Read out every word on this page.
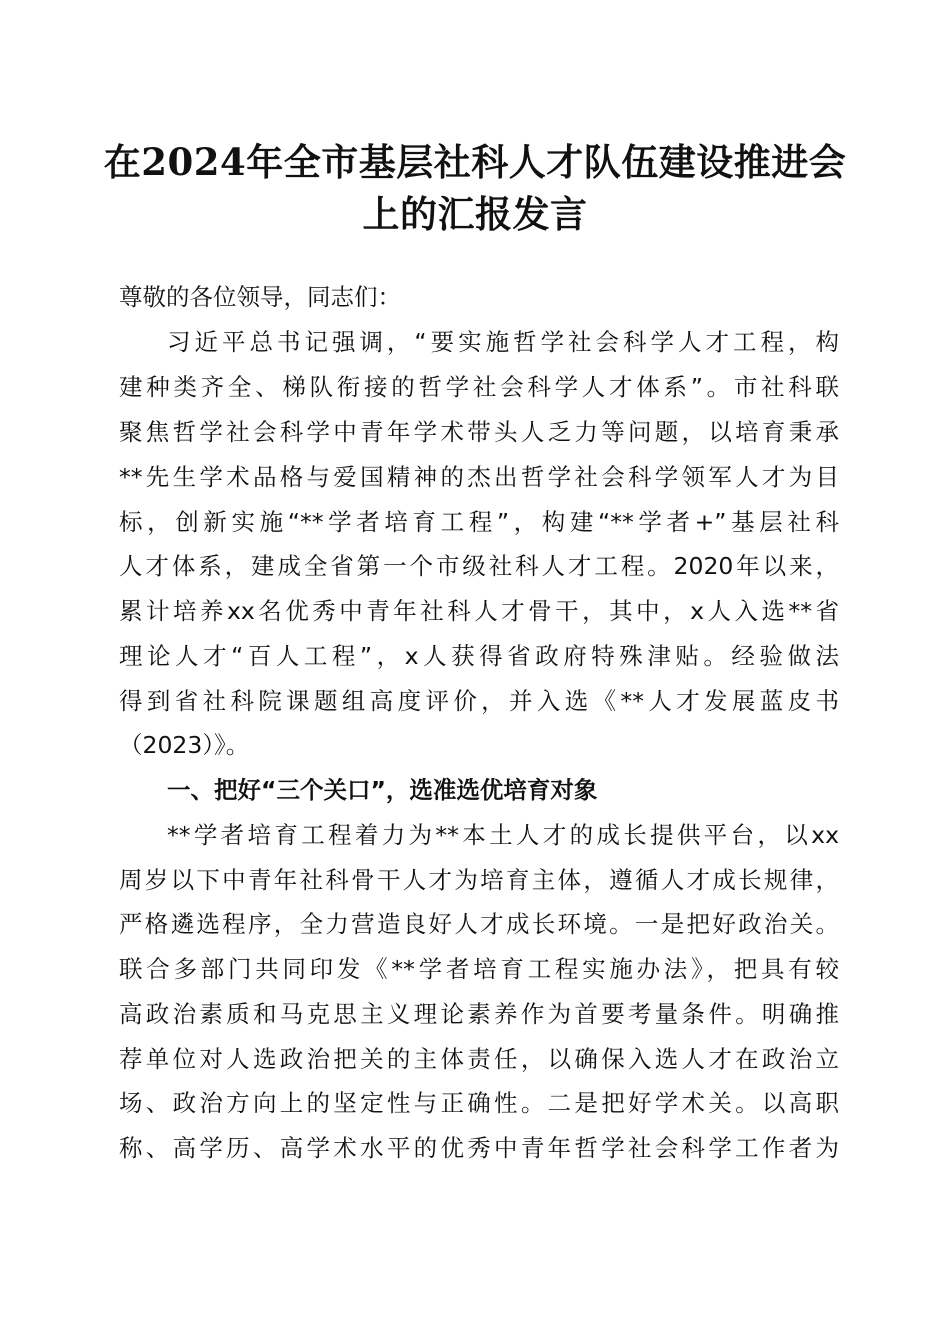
在2024年全市基层社科人才队伍建设推进会
上的汇报发言
尊敬的各位领导，同志们：
习近平总书记强调，“要实施哲学社会科学人才工程，构
建种类齐全、梯队衔接的哲学社会科学人才体系”。市社科联
聚焦哲学社会科学中青年学术带头人乏力等问题，以培育秉承
**先生学术品格与爱国精神的杰出哲学社会科学领军人才为目
标，创新实施“**学者培育工程”，构建“**学者+”基层社科
人才体系，建成全省第一个市级社科人才工程。2020年以来，
累计培养xx名优秀中青年社科人才骨干，其中，x人入选**省
理论人才“百人工程”，x人获得省政府特殊津贴。经验做法
得到省社科院课题组高度评价，并入选《**人才发展蓝皮书
（2023）》。
一、把好“三个关口”，选准选优培育对象
**学者培育工程着力为**本土人才的成长提供平台，以xx
周岁以下中青年社科骨干人才为培育主体，遵循人才成长规律，
严格遴选程序，全力营造良好人才成长环境。一是把好政治关。
联合多部门共同印发《**学者培育工程实施办法》，把具有较
高政治素质和马克思主义理论素养作为首要考量条件。明确推
荐单位对人选政治把关的主体责任，以确保入选人才在政治立
场、政治方向上的坚定性与正确性。二是把好学术关。以高职
称、高学历、高学术水平的优秀中青年哲学社会科学工作者为
